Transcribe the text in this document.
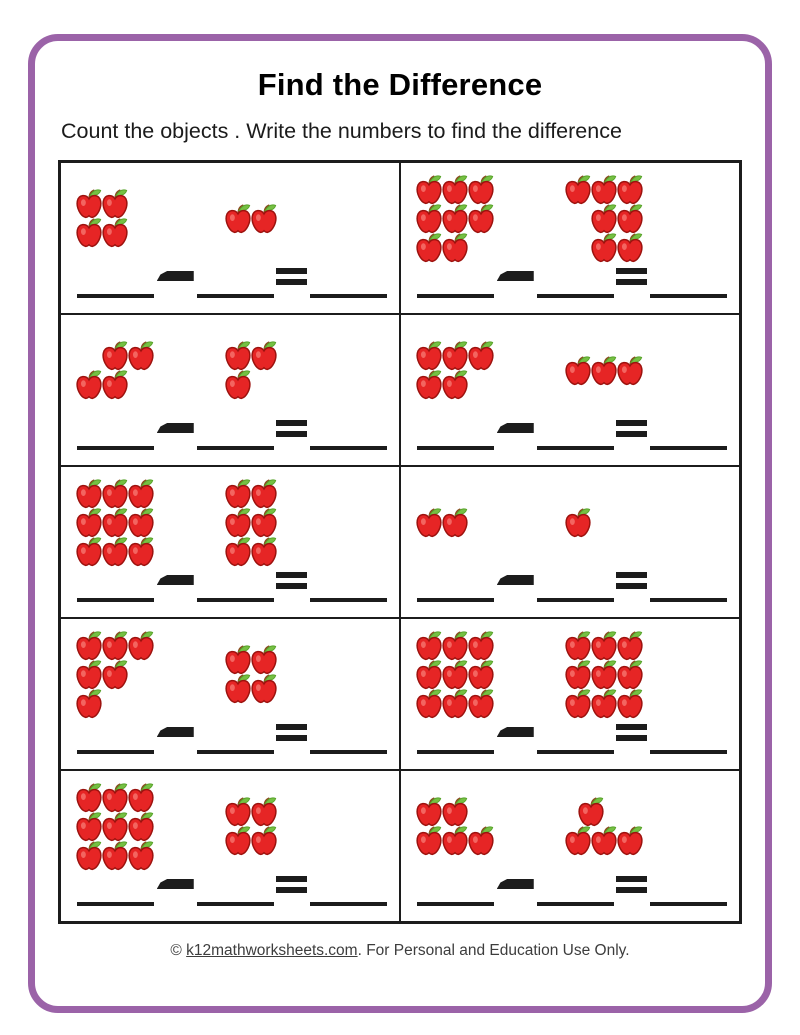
Find the Difference

Count the objects . Write the numbers to find the difference

© k12mathworksheets.com. For Personal and Education Use Only.
